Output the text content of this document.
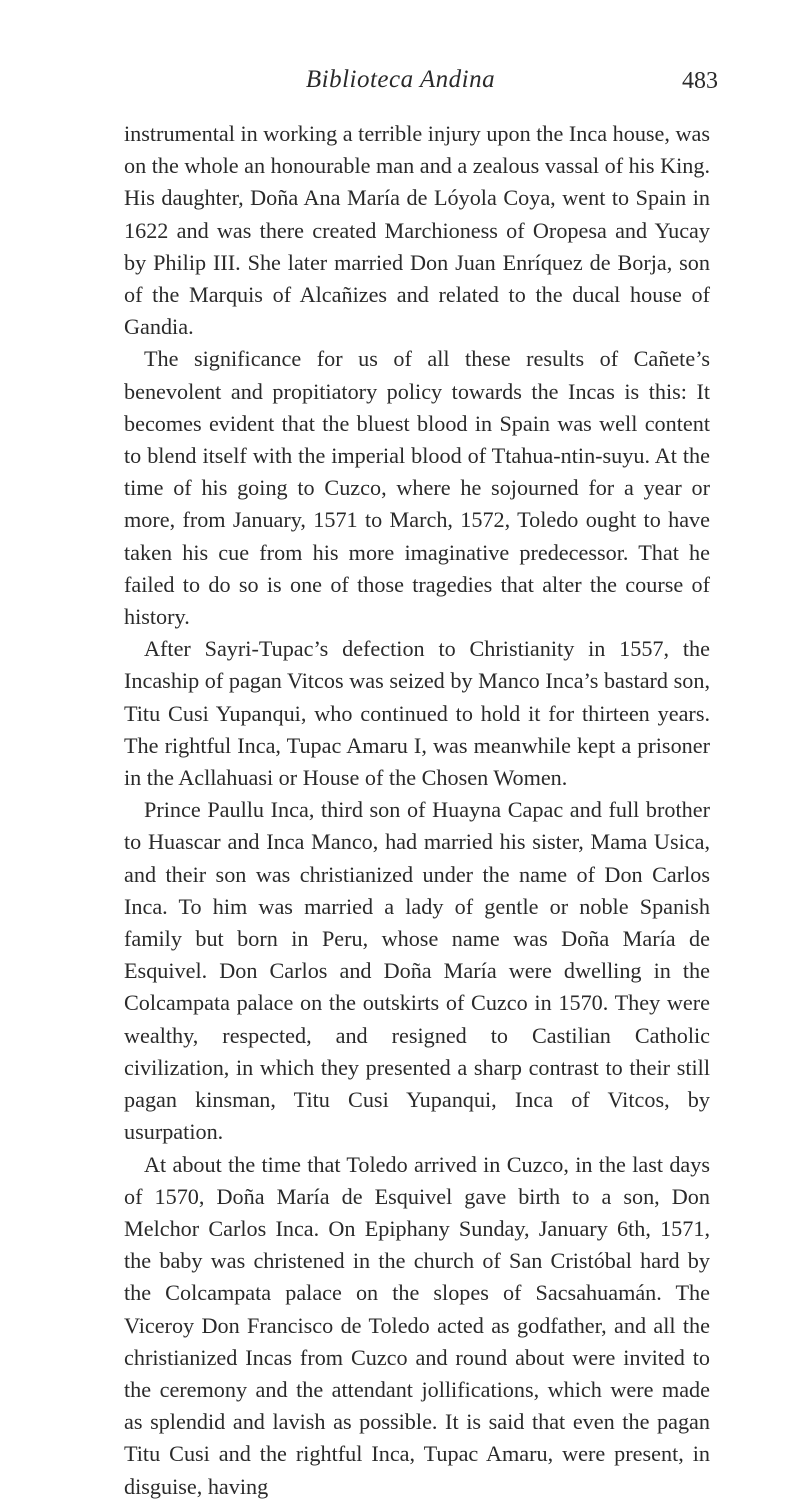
Biblioteca Andina	483

instrumental in working a terrible injury upon the Inca house, was on the whole an honourable man and a zealous vassal of his King. His daughter, Doña Ana María de Lóyola Coya, went to Spain in 1622 and was there created Marchioness of Oropesa and Yucay by Philip III. She later married Don Juan Enríquez de Borja, son of the Marquis of Alcañizes and related to the ducal house of Gandia.

The significance for us of all these results of Cañete’s benevolent and propitiatory policy towards the Incas is this: It becomes evident that the bluest blood in Spain was well content to blend itself with the imperial blood of Ttahua-ntin-suyu. At the time of his going to Cuzco, where he sojourned for a year or more, from January, 1571 to March, 1572, Toledo ought to have taken his cue from his more imaginative predecessor. That he failed to do so is one of those tragedies that alter the course of history.

After Sayri-Tupac’s defection to Christianity in 1557, the Incaship of pagan Vitcos was seized by Manco Inca’s bastard son, Titu Cusi Yupanqui, who continued to hold it for thirteen years. The rightful Inca, Tupac Amaru I, was meanwhile kept a prisoner in the Acllahuasi or House of the Chosen Women.

Prince Paullu Inca, third son of Huayna Capac and full brother to Huascar and Inca Manco, had married his sister, Mama Usica, and their son was christianized under the name of Don Carlos Inca. To him was married a lady of gentle or noble Spanish family but born in Peru, whose name was Doña María de Esquivel. Don Carlos and Doña María were dwelling in the Colcampata palace on the outskirts of Cuzco in 1570. They were wealthy, respected, and resigned to Castilian Catholic civilization, in which they presented a sharp contrast to their still pagan kinsman, Titu Cusi Yupanqui, Inca of Vitcos, by usurpation.

At about the time that Toledo arrived in Cuzco, in the last days of 1570, Doña María de Esquivel gave birth to a son, Don Melchor Carlos Inca. On Epiphany Sunday, January 6th, 1571, the baby was christened in the church of San Cristóbal hard by the Colcampata palace on the slopes of Sacsahuamán. The Viceroy Don Francisco de Toledo acted as godfather, and all the christianized Incas from Cuzco and round about were invited to the ceremony and the attendant jollifications, which were made as splendid and lavish as possible. It is said that even the pagan Titu Cusi and the rightful Inca, Tupac Amaru, were present, in disguise, having
